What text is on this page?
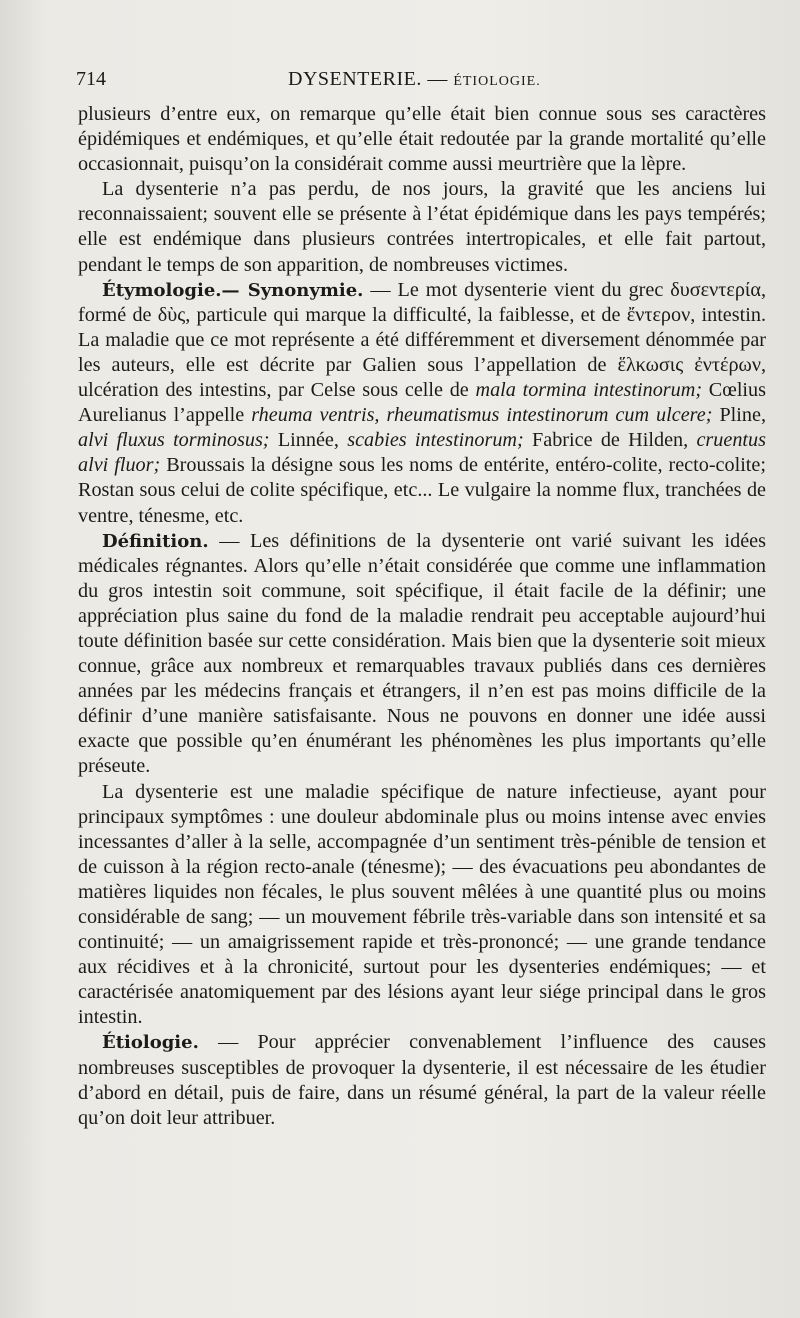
714	DYSENTERIE. — ÉTIOLOGIE.

plusieurs d’entre eux, on remarque qu’elle était bien connue sous ses caractères épidémiques et endémiques, et qu’elle était redoutée par la grande mortalité qu’elle occasionnait, puisqu’on la considérait comme aussi meurtrière que la lèpre.

La dysenterie n’a pas perdu, de nos jours, la gravité que les anciens lui reconnaissaient; souvent elle se présente à l’état épidémique dans les pays tempérés; elle est endémique dans plusieurs contrées intertropicales, et elle fait partout, pendant le temps de son apparition, de nombreuses victimes.

Étymologie.— Synonymie. — Le mot dysenterie vient du grec δυσεντερία, formé de δὺς, particule qui marque la difficulté, la faiblesse, et de ἔντερον, intestin. La maladie que ce mot représente a été différemment et diversement dénommée par les auteurs, elle est décrite par Galien sous l’appellation de ἕλκωσις ἐντέρων, ulcération des intestins, par Celse sous celle de mala tormina intestinorum; Cœlius Aurelianus l’appelle rheuma ventris, rheumatismus intestinorum cum ulcere; Pline, alvi fluxus torminosus; Linnée, scabies intestinorum; Fabrice de Hilden, cruentus alvi fluor; Broussais la désigne sous les noms de entérite, entéro-colite, recto-colite; Rostan sous celui de colite spécifique, etc... Le vulgaire la nomme flux, tranchées de ventre, ténesme, etc.

Définition. — Les définitions de la dysenterie ont varié suivant les idées médicales régnantes. Alors qu’elle n’était considérée que comme une inflammation du gros intestin soit commune, soit spécifique, il était facile de la définir; une appréciation plus saine du fond de la maladie rendrait peu acceptable aujourd’hui toute définition basée sur cette considération. Mais bien que la dysenterie soit mieux connue, grâce aux nombreux et remarquables travaux publiés dans ces dernières années par les médecins français et étrangers, il n’en est pas moins difficile de la définir d’une manière satisfaisante. Nous ne pouvons en donner une idée aussi exacte que possible qu’en énumérant les phénomènes les plus importants qu’elle préseute.

La dysenterie est une maladie spécifique de nature infectieuse, ayant pour principaux symptômes : une douleur abdominale plus ou moins intense avec envies incessantes d’aller à la selle, accompagnée d’un sentiment très-pénible de tension et de cuisson à la région recto-anale (ténesme); — des évacuations peu abondantes de matières liquides non fécales, le plus souvent mêlées à une quantité plus ou moins considérable de sang; — un mouvement fébrile très-variable dans son intensité et sa continuité; — un amaigrissement rapide et très-prononcé; — une grande tendance aux récidives et à la chronicité, surtout pour les dysenteries endémiques; — et caractérisée anatomiquement par des lésions ayant leur siége principal dans le gros intestin.

Étiologie. — Pour apprécier convenablement l’influence des causes nombreuses susceptibles de provoquer la dysenterie, il est nécessaire de les étudier d’abord en détail, puis de faire, dans un résumé général, la part de la valeur réelle qu’on doit leur attribuer.
